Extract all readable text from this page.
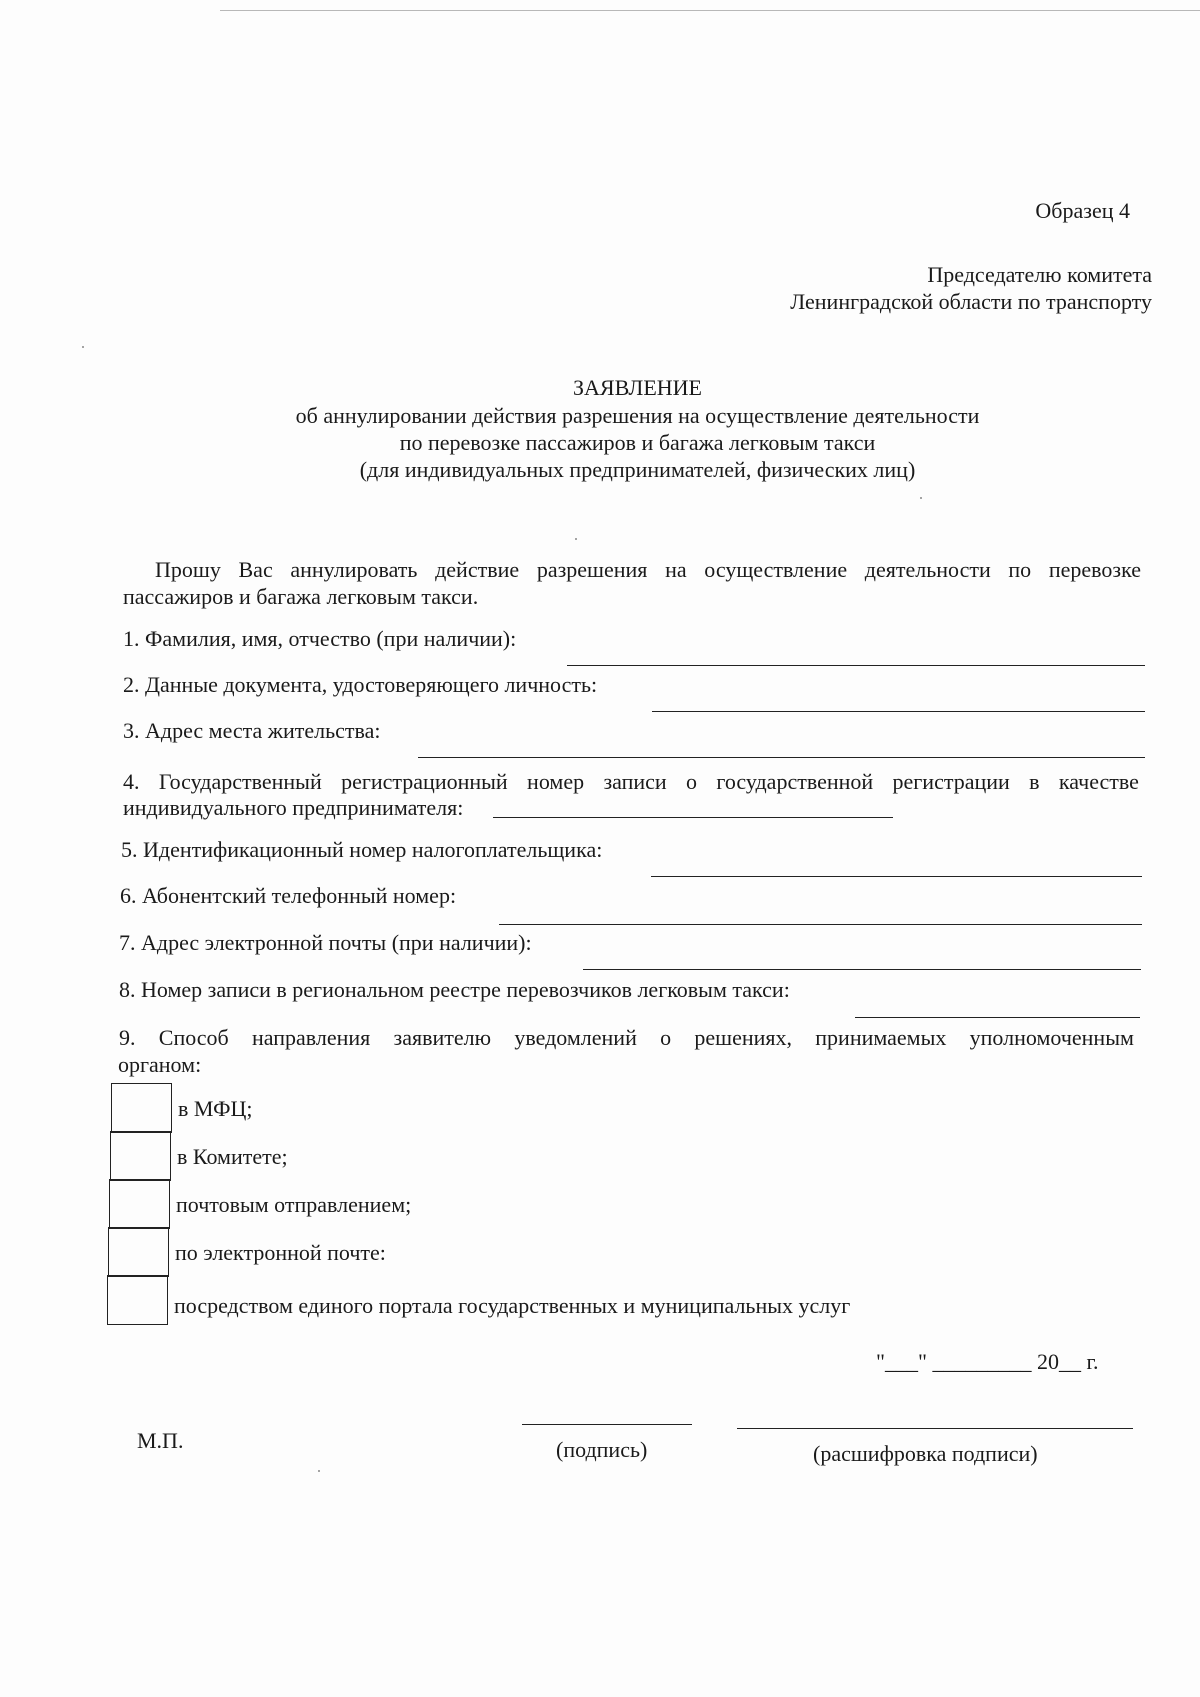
Образец 4
Председателю комитета
Ленинградской области по транспорту
ЗАЯВЛЕНИЕ
об аннулировании действия разрешения на осуществление деятельности
по перевозке пассажиров и багажа легковым такси
(для индивидуальных предпринимателей, физических лиц)
Прошу Вас аннулировать действие разрешения на осуществление деятельности по перевозке
пассажиров и багажа легковым такси.
1. Фамилия, имя, отчество (при наличии):
2. Данные документа, удостоверяющего личность:
3. Адрес места жительства:
4. Государственный регистрационный номер записи о государственной регистрации в качестве
индивидуального предпринимателя:
5. Идентификационный номер налогоплательщика:
6. Абонентский телефонный номер:
7. Адрес электронной почты (при наличии):
8. Номер записи в региональном реестре перевозчиков легковым такси:
9. Способ направления заявителю уведомлений о решениях, принимаемых уполномоченным
органом:
в МФЦ;
в Комитете;
почтовым отправлением;
по электронной почте:
посредством единого портала государственных и муниципальных услуг
"___" _________ 20__ г.
М.П.	(подпись)	(расшифровка подписи)
